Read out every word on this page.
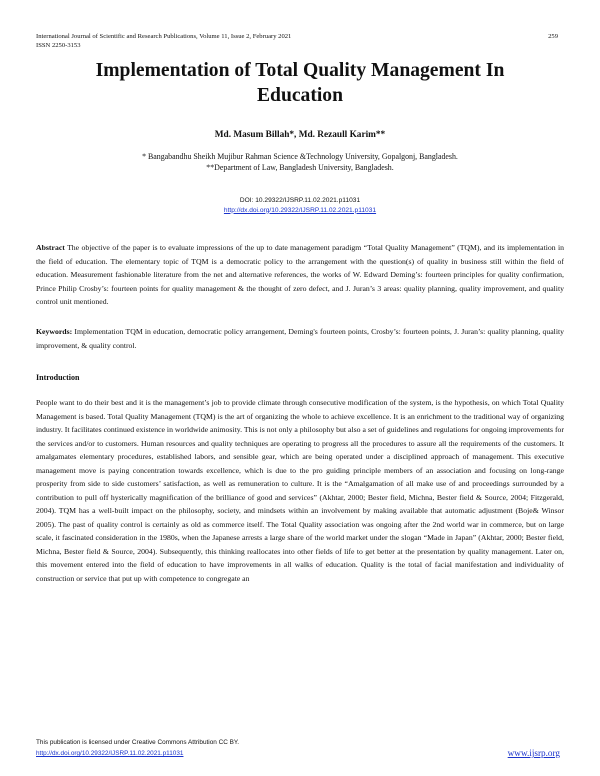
International Journal of Scientific and Research Publications, Volume 11, Issue 2, February 2021
ISSN 2250-3153
259
Implementation of Total Quality Management In
Education
Md. Masum Billah*, Md. Rezaull Karim**
* Bangabandhu Sheikh Mujibur Rahman Science &Technology University, Gopalgonj, Bangladesh.
**Department of Law, Bangladesh University, Bangladesh.
DOI: 10.29322/IJSRP.11.02.2021.p11031
http://dx.doi.org/10.29322/IJSRP.11.02.2021.p11031
Abstract The objective of the paper is to evaluate impressions of the up to date management paradigm “Total Quality Management” (TQM), and its implementation in the field of education. The elementary topic of TQM is a democratic policy to the arrangement with the question(s) of quality in business still within the field of education. Measurement fashionable literature from the net and alternative references, the works of W. Edward Deming’s: fourteen principles for quality confirmation, Prince Philip Crosby’s: fourteen points for quality management & the thought of zero defect, and J. Juran’s 3 areas: quality planning, quality improvement, and quality control unit mentioned.
Keywords: Implementation TQM in education, democratic policy arrangement, Deming's fourteen points, Crosby’s: fourteen points, J. Juran’s: quality planning, quality improvement, & quality control.
Introduction
People want to do their best and it is the management’s job to provide climate through consecutive modification of the system, is the hypothesis, on which Total Quality Management is based. Total Quality Management (TQM) is the art of organizing the whole to achieve excellence. It is an enrichment to the traditional way of organizing industry. It facilitates continued existence in worldwide animosity. This is not only a philosophy but also a set of guidelines and regulations for ongoing improvements for the services and/or to customers. Human resources and quality techniques are operating to progress all the procedures to assure all the requirements of the customers. It amalgamates elementary procedures, established labors, and sensible gear, which are being operated under a disciplined approach of management. This executive management move is paying concentration towards excellence, which is due to the pro guiding principle members of an association and focusing on long-range prosperity from side to side customers’ satisfaction, as well as remuneration to culture. It is the “Amalgamation of all make use of and proceedings surrounded by a contribution to pull off hysterically magnification of the brilliance of good and services” (Akhtar, 2000; Bester field, Michna, Bester field & Source, 2004; Fitzgerald, 2004). TQM has a well-built impact on the philosophy, society, and mindsets within an involvement by making available that automatic adjustment (Boje& Winsor 2005). The past of quality control is certainly as old as commerce itself. The Total Quality association was ongoing after the 2nd world war in commerce, but on large scale, it fascinated consideration in the 1980s, when the Japanese arrests a large share of the world market under the slogan “Made in Japan” (Akhtar, 2000; Bester field, Michna, Bester field & Source, 2004). Subsequently, this thinking reallocates into other fields of life to get better at the presentation by quality management. Later on, this movement entered into the field of education to have improvements in all walks of education. Quality is the total of facial manifestation and individuality of construction or service that put up with competence to congregate an
This publication is licensed under Creative Commons Attribution CC BY.
http://dx.doi.org/10.29322/IJSRP.11.02.2021.p11031	www.ijsrp.org
